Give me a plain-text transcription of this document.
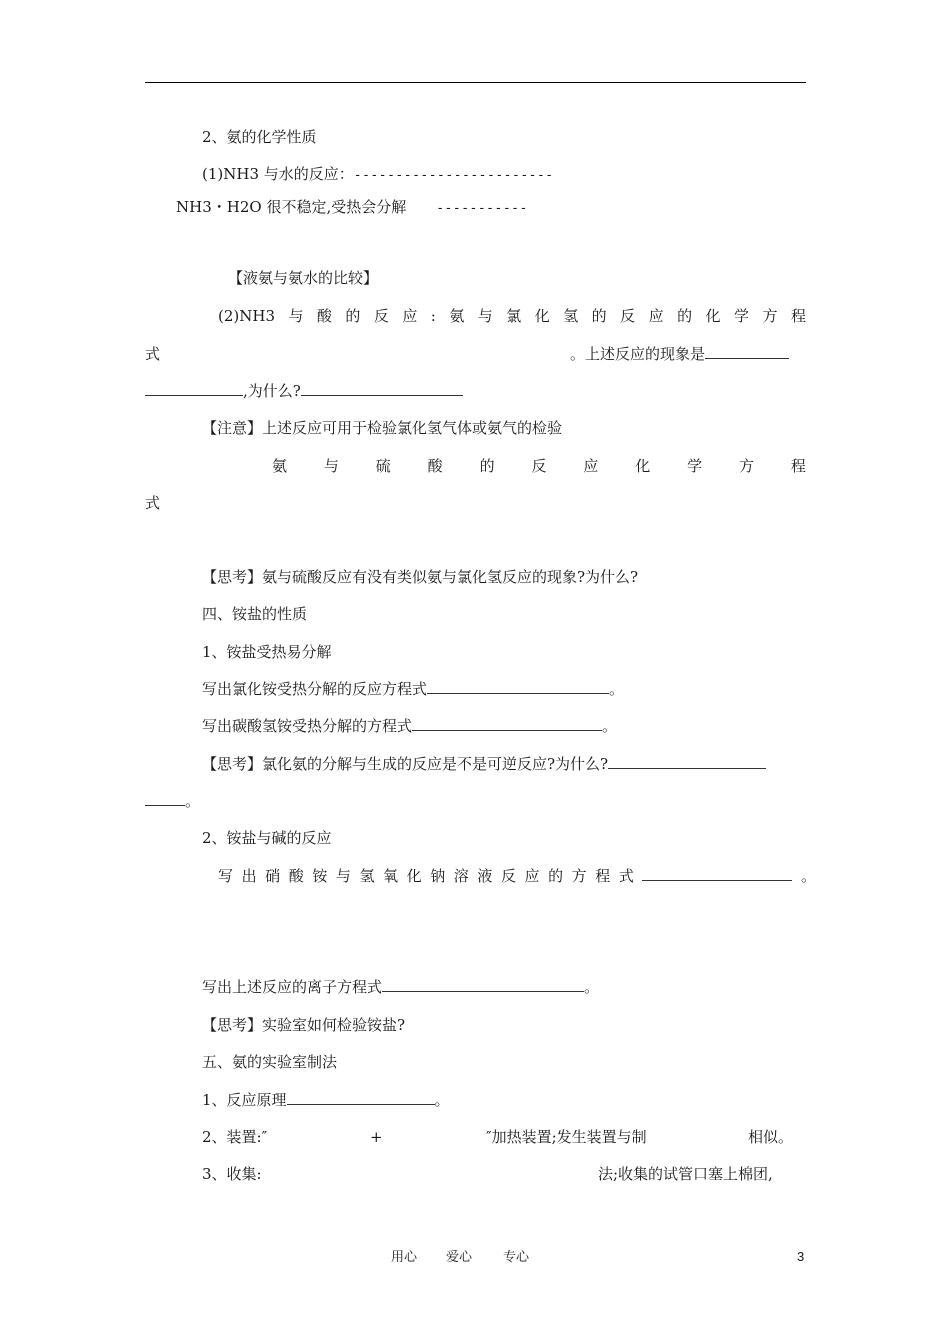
2、氨的化学性质
(1)NH3 与水的反应：------------------------
NH3・H2O 很不稳定,受热会分解 -----------
【液氨与氨水的比较】
(2)NH3 与 酸 的 反 应 : 氨 与 氯 化 氢 的 反 应 的 化 学 方 程
式	。上述反应的现象是
,为什么?
【注意】上述反应可用于检验氯化氢气体或氨气的检验
氨 与 硫 酸 的 反 应 化 学 方 程
式
【思考】氨与硫酸反应有没有类似氨与氯化氢反应的现象?为什么?
四、铵盐的性质
1、铵盐受热易分解
写出氯化铵受热分解的反应方程式	。
写出碳酸氢铵受热分解的方程式	。
【思考】氯化氨的分解与生成的反应是不是可逆反应?为什么?
。
2、铵盐与碱的反应
写 出 硝 酸 铵 与 氢 氧 化 钠 溶 液 反 应 的 方 程 式	。
写出上述反应的离子方程式	。
【思考】实验室如何检验铵盐?
五、氨的实验室制法
1、反应原理	。
2、装置:″	+	″加热装置;发生装置与制	相似。
3、收集:	法;收集的试管口塞上棉团,
用心 爱心 专心	3
